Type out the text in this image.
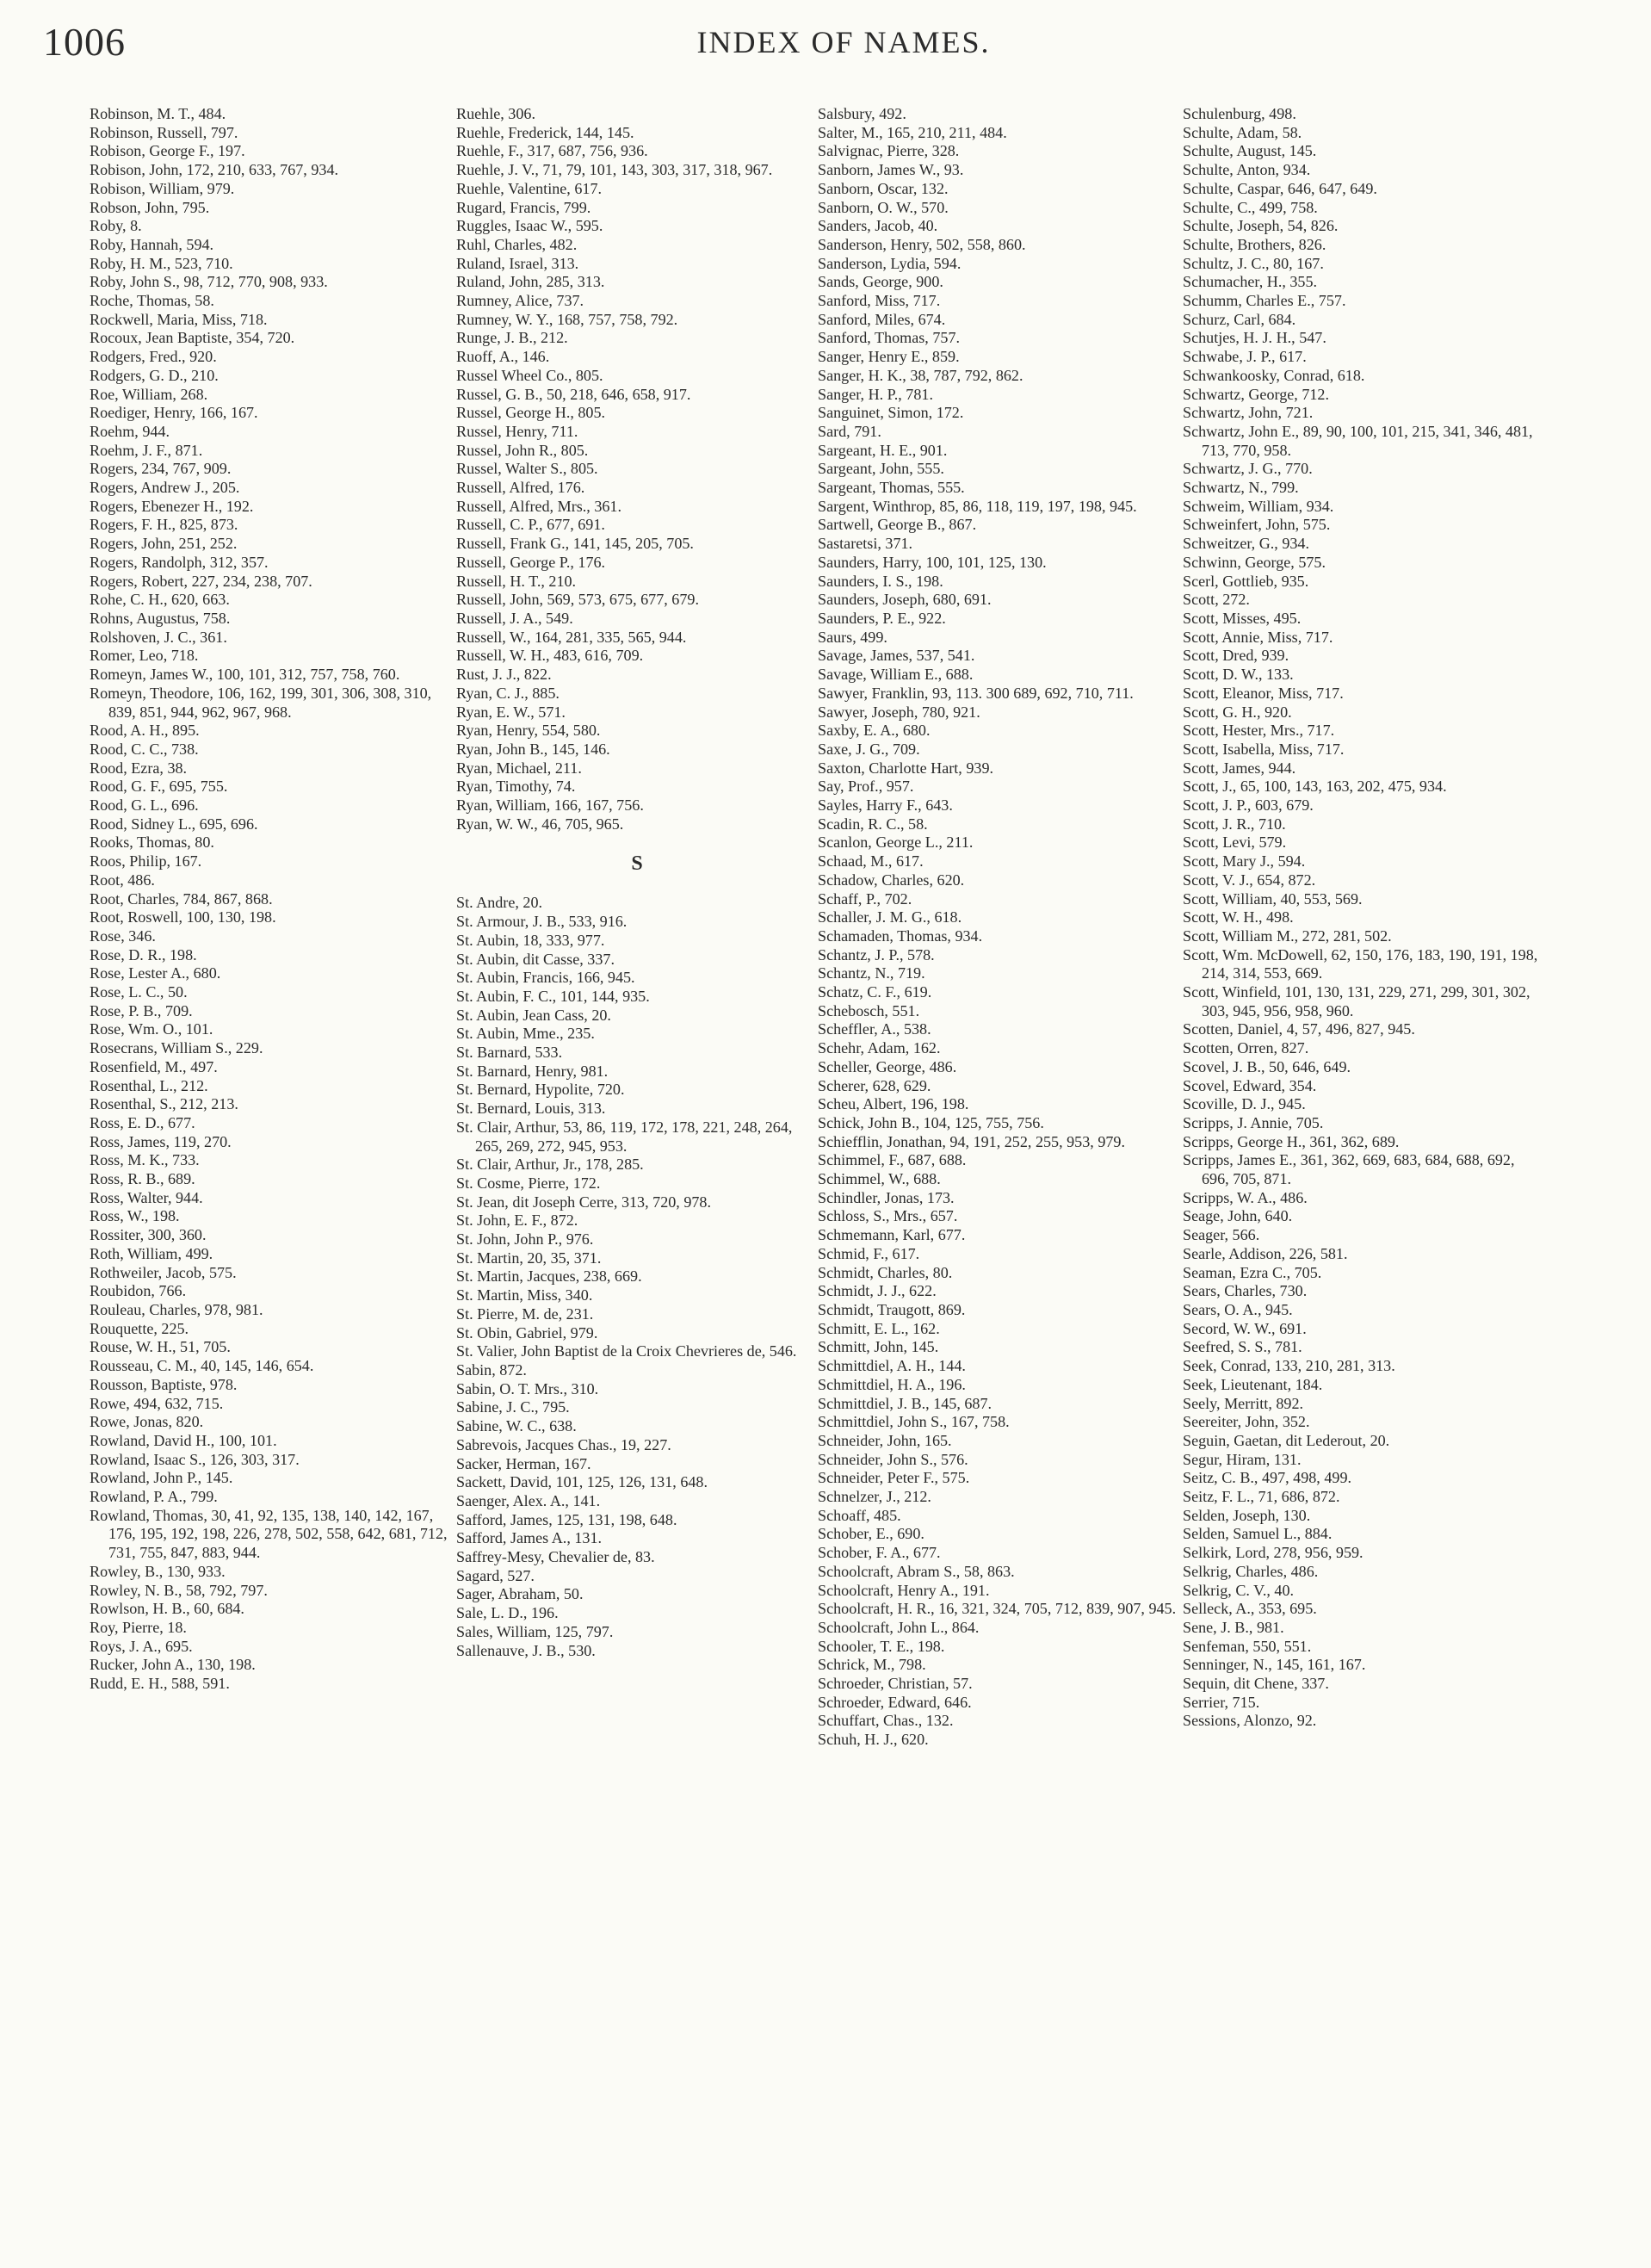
1006	INDEX OF NAMES.
Robinson, M. T., 484.
Robinson, Russell, 797.
Robison, George F., 197.
Robison, John, 172, 210, 633, 767, 934.
Robison, William, 979.
Robson, John, 795.
Roby, 8.
Roby, Hannah, 594.
Roby, H. M., 523, 710.
Roby, John S., 98, 712, 770, 908, 933.
Roche, Thomas, 58.
Rockwell, Maria, Miss, 718.
Rocoux, Jean Baptiste, 354, 720.
Rodgers, Fred., 920.
Rodgers, G. D., 210.
Roe, William, 268.
Roediger, Henry, 166, 167.
Roehm, 944.
Roehm, J. F., 871.
Rogers, 234, 767, 909.
Rogers, Andrew J., 205.
Rogers, Ebenezer H., 192.
Rogers, F. H., 825, 873.
Rogers, John, 251, 252.
Rogers, Randolph, 312, 357.
Rogers, Robert, 227, 234, 238, 707.
Rohe, C. H., 620, 663.
Rohns, Augustus, 758.
Rolshoven, J. C., 361.
Romer, Leo, 718.
Romeyn, James W., 100, 101, 312, 757, 758, 760.
Romeyn, Theodore, 106, 162, 199, 301, 306, 308, 310, 839, 851, 944, 962, 967, 968.
Rood, A. H., 895.
Rood, C. C., 738.
Rood, Ezra, 38.
Rood, G. F., 695, 755.
Rood, G. L., 696.
Rood, Sidney L., 695, 696.
Rooks, Thomas, 80.
Roos, Philip, 167.
Root, 486.
Root, Charles, 784, 867, 868.
Root, Roswell, 100, 130, 198.
Rose, 346.
Rose, D. R., 198.
Rose, Lester A., 680.
Rose, L. C., 50.
Rose, P. B., 709.
Rose, Wm. O., 101.
Rosecrans, William S., 229.
Rosenfield, M., 497.
Rosenthal, L., 212.
Rosenthal, S., 212, 213.
Ross, E. D., 677.
Ross, James, 119, 270.
Ross, M. K., 733.
Ross, R. B., 689.
Ross, Walter, 944.
Ross, W., 198.
Rossiter, 300, 360.
Roth, William, 499.
Rothweiler, Jacob, 575.
Roubidon, 766.
Rouleau, Charles, 978, 981.
Rouquette, 225.
Rouse, W. H., 51, 705.
Rousseau, C. M., 40, 145, 146, 654.
Rousson, Baptiste, 978.
Rowe, 494, 632, 715.
Rowe, Jonas, 820.
Rowland, David H., 100, 101.
Rowland, Isaac S., 126, 303, 317.
Rowland, John P., 145.
Rowland, P. A., 799.
Rowland, Thomas, 30, 41, 92, 135, 138, 140, 142, 167, 176, 195, 192, 198, 226, 278, 502, 558, 642, 681, 712, 731, 755, 847, 883, 944.
Rowley, B., 130, 933.
Rowley, N. B., 58, 792, 797.
Rowlson, H. B., 60, 684.
Roy, Pierre, 18.
Roys, J. A., 695.
Rucker, John A., 130, 198.
Rudd, E. H., 588, 591.
Ruehle, 306.
Ruehle, Frederick, 144, 145.
Ruehle, F., 317, 687, 756, 936.
Ruehle, J. V., 71, 79, 101, 143, 303, 317, 318, 967.
Ruehle, Valentine, 617.
Rugard, Francis, 799.
Ruggles, Isaac W., 595.
Ruhl, Charles, 482.
Ruland, Israel, 313.
Ruland, John, 285, 313.
Rumney, Alice, 737.
Rumney, W. Y., 168, 757, 758, 792.
Runge, J. B., 212.
Ruoff, A., 146.
Russel Wheel Co., 805.
Russel, G. B., 50, 218, 646, 658, 917.
Russel, George H., 805.
Russel, Henry, 711.
Russel, John R., 805.
Russel, Walter S., 805.
Russell, Alfred, 176.
Russell, Alfred, Mrs., 361.
Russell, C. P., 677, 691.
Russell, Frank G., 141, 145, 205, 705.
Russell, George P., 176.
Russell, H. T., 210.
Russell, John, 569, 573, 675, 677, 679.
Russell, J. A., 549.
Russell, W., 164, 281, 335, 565, 944.
Russell, W. H., 483, 616, 709.
Rust, J. J., 822.
Ryan, C. J., 885.
Ryan, E. W., 571.
Ryan, Henry, 554, 580.
Ryan, John B., 145, 146.
Ryan, Michael, 211.
Ryan, Timothy, 74.
Ryan, William, 166, 167, 756.
Ryan, W. W., 46, 705, 965.
S
St. Andre, 20.
St. Armour, J. B., 533, 916.
St. Aubin, 18, 333, 977.
St. Aubin, dit Casse, 337.
St. Aubin, Francis, 166, 945.
St. Aubin, F. C., 101, 144, 935.
St. Aubin, Jean Cass, 20.
St. Aubin, Mme., 235.
St. Barnard, 533.
St. Barnard, Henry, 981.
St. Bernard, Hypolite, 720.
St. Bernard, Louis, 313.
St. Clair, Arthur, 53, 86, 119, 172, 178, 221, 248, 264, 265, 269, 272, 945, 953.
St. Clair, Arthur, Jr., 178, 285.
St. Cosme, Pierre, 172.
St. Jean, dit Joseph Cerre, 313, 720, 978.
St. John, E. F., 872.
St. John, John P., 976.
St. Martin, 20, 35, 371.
St. Martin, Jacques, 238, 669.
St. Martin, Miss, 340.
St. Pierre, M. de, 231.
St. Obin, Gabriel, 979.
St. Valier, John Baptist de la Croix Chevrieres de, 546.
Sabin, 872.
Sabin, O. T. Mrs., 310.
Sabine, J. C., 795.
Sabine, W. C., 638.
Sabrevois, Jacques Chas., 19, 227.
Sacker, Herman, 167.
Sackett, David, 101, 125, 126, 131, 648.
Saenger, Alex. A., 141.
Safford, James, 125, 131, 198, 648.
Safford, James A., 131.
Saffrey-Mesy, Chevalier de, 83.
Sagard, 527.
Sager, Abraham, 50.
Sale, L. D., 196.
Sales, William, 125, 797.
Sallenauve, J. B., 530.
Salsbury, 492.
Salter, M., 165, 210, 211, 484.
Salvignac, Pierre, 328.
Sanborn, James W., 93.
Sanborn, Oscar, 132.
Sanborn, O. W., 570.
Sanders, Jacob, 40.
Sanderson, Henry, 502, 558, 860.
Sanderson, Lydia, 594.
Sands, George, 900.
Sanford, Miss, 717.
Sanford, Miles, 674.
Sanford, Thomas, 757.
Sanger, Henry E., 859.
Sanger, H. K., 38, 787, 792, 862.
Sanger, H. P., 781.
Sanguinet, Simon, 172.
Sard, 791.
Sargeant, H. E., 901.
Sargeant, John, 555.
Sargeant, Thomas, 555.
Sargent, Winthrop, 85, 86, 118, 119, 197, 198, 945.
Sartwell, George B., 867.
Sastaretsi, 371.
Saunders, Harry, 100, 101, 125, 130.
Saunders, I. S., 198.
Saunders, Joseph, 680, 691.
Saunders, P. E., 922.
Saurs, 499.
Savage, James, 537, 541.
Savage, William E., 688.
Sawyer, Franklin, 93, 113. 300 689, 692, 710, 711.
Sawyer, Joseph, 780, 921.
Saxby, E. A., 680.
Saxe, J. G., 709.
Saxton, Charlotte Hart, 939.
Say, Prof., 957.
Sayles, Harry F., 643.
Scadin, R. C., 58.
Scanlon, George L., 211.
Schaad, M., 617.
Schadow, Charles, 620.
Schaff, P., 702.
Schaller, J. M. G., 618.
Schamaden, Thomas, 934.
Schantz, J. P., 578.
Schantz, N., 719.
Schatz, C. F., 619.
Schebosch, 551.
Scheffler, A., 538.
Schehr, Adam, 162.
Scheller, George, 486.
Scherer, 628, 629.
Scheu, Albert, 196, 198.
Schick, John B., 104, 125, 755, 756.
Schiefflin, Jonathan, 94, 191, 252, 255, 953, 979.
Schimmel, F., 687, 688.
Schimmel, W., 688.
Schindler, Jonas, 173.
Schloss, S., Mrs., 657.
Schmemann, Karl, 677.
Schmid, F., 617.
Schmidt, Charles, 80.
Schmidt, J. J., 622.
Schmidt, Traugott, 869.
Schmitt, E. L., 162.
Schmitt, John, 145.
Schmittdiel, A. H., 144.
Schmittdiel, H. A., 196.
Schmittdiel, J. B., 145, 687.
Schmittdiel, John S., 167, 758.
Schneider, John, 165.
Schneider, John S., 576.
Schneider, Peter F., 575.
Schnelzer, J., 212.
Schoaff, 485.
Schober, E., 690.
Schober, F. A., 677.
Schoolcraft, Abram S., 58, 863.
Schoolcraft, Henry A., 191.
Schoolcraft, H. R., 16, 321, 324, 705, 712, 839, 907, 945.
Schoolcraft, John L., 864.
Schooler, T. E., 198.
Schrick, M., 798.
Schroeder, Christian, 57.
Schroeder, Edward, 646.
Schuffart, Chas., 132.
Schuh, H. J., 620.
Schulenburg, 498.
Schulte, Adam, 58.
Schulte, August, 145.
Schulte, Anton, 934.
Schulte, Caspar, 646, 647, 649.
Schulte, C., 499, 758.
Schulte, Joseph, 54, 826.
Schulte, Brothers, 826.
Schultz, J. C., 80, 167.
Schumacher, H., 355.
Schumm, Charles E., 757.
Schurz, Carl, 684.
Schutjes, H. J. H., 547.
Schwabe, J. P., 617.
Schwankoosky, Conrad, 618.
Schwartz, George, 712.
Schwartz, John, 721.
Schwartz, John E., 89, 90, 100, 101, 215, 341, 346, 481, 713, 770, 958.
Schwartz, J. G., 770.
Schwartz, N., 799.
Schweim, William, 934.
Schweinfert, John, 575.
Schweitzer, G., 934.
Schwinn, George, 575.
Scerl, Gottlieb, 935.
Scott, 272.
Scott, Misses, 495.
Scott, Annie, Miss, 717.
Scott, Dred, 939.
Scott, D. W., 133.
Scott, Eleanor, Miss, 717.
Scott, G. H., 920.
Scott, Hester, Mrs., 717.
Scott, Isabella, Miss, 717.
Scott, James, 944.
Scott, J., 65, 100, 143, 163, 202, 475, 934.
Scott, J. P., 603, 679.
Scott, J. R., 710.
Scott, Levi, 579.
Scott, Mary J., 594.
Scott, V. J., 654, 872.
Scott, William, 40, 553, 569.
Scott, W. H., 498.
Scott, William M., 272, 281, 502.
Scott, Wm. McDowell, 62, 150, 176, 183, 190, 191, 198, 214, 314, 553, 669.
Scott, Winfield, 101, 130, 131, 229, 271, 299, 301, 302, 303, 945, 956, 958, 960.
Scotten, Daniel, 4, 57, 496, 827, 945.
Scotten, Orren, 827.
Scovel, J. B., 50, 646, 649.
Scovel, Edward, 354.
Scoville, D. J., 945.
Scripps, J. Annie, 705.
Scripps, George H., 361, 362, 689.
Scripps, James E., 361, 362, 669, 683, 684, 688, 692, 696, 705, 871.
Scripps, W. A., 486.
Seage, John, 640.
Seager, 566.
Searle, Addison, 226, 581.
Seaman, Ezra C., 705.
Sears, Charles, 730.
Sears, O. A., 945.
Secord, W. W., 691.
Seefred, S. S., 781.
Seek, Conrad, 133, 210, 281, 313.
Seek, Lieutenant, 184.
Seely, Merritt, 892.
Seereiter, John, 352.
Seguin, Gaetan, dit Lederout, 20.
Segur, Hiram, 131.
Seitz, C. B., 497, 498, 499.
Seitz, F. L., 71, 686, 872.
Selden, Joseph, 130.
Selden, Samuel L., 884.
Selkirk, Lord, 278, 956, 959.
Selkrig, Charles, 486.
Selkrig, C. V., 40.
Selleck, A., 353, 695.
Sene, J. B., 981.
Senfeman, 550, 551.
Senninger, N., 145, 161, 167.
Sequin, dit Chene, 337.
Serrier, 715.
Sessions, Alonzo, 92.
